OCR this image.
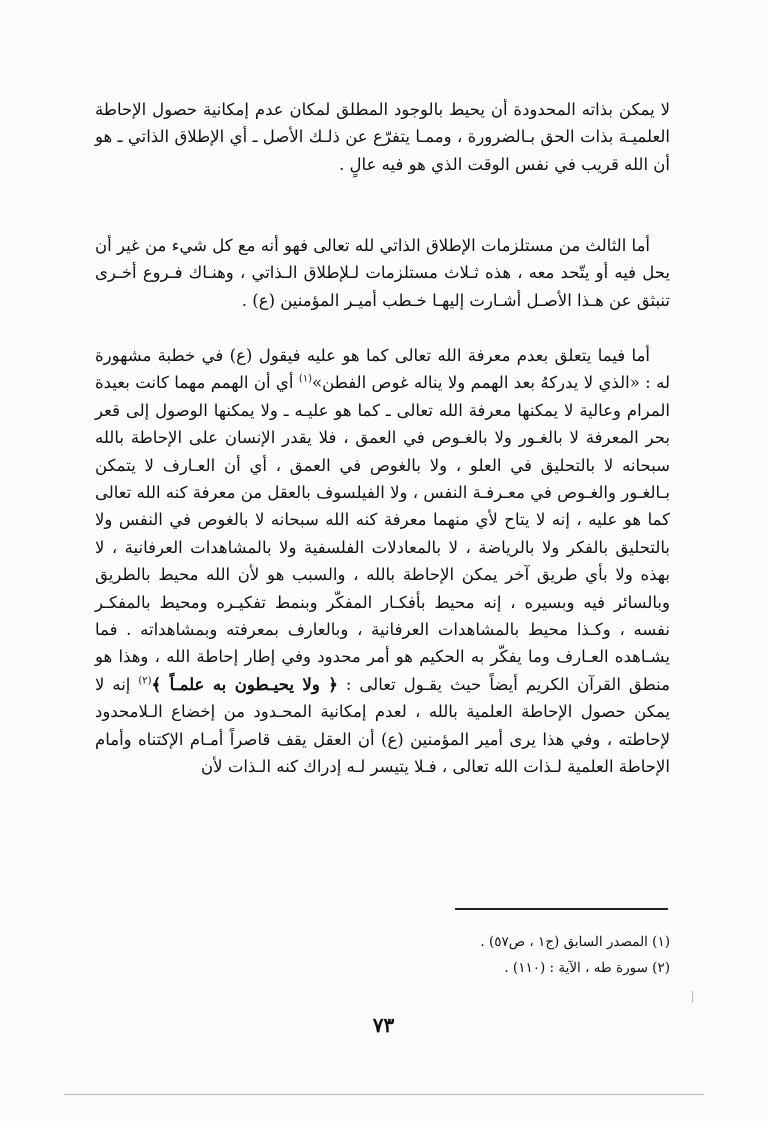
لا يمكن بذاته المحدودة أن يحيط بالوجود المطلق لمكان عدم إمكانية حصول الإحاطة العلميـة بذات الحق بـالضرورة ، وممـا يتفرّع عن ذلـك الأصل ـ أي الإطلاق الذاتي ـ هو أن الله قريب في نفس الوقت الذي هو فيه عالٍ .

أما الثالث من مستلزمات الإطلاق الذاتي لله تعالى فهو أنه مع كل شيء من غير أن يحل فيه أو يتّحد معه ، هذه ثـلاث مستلزمات لـلإطلاق الـذاتي ، وهنـاك فـروع أخـرى تنبثق عن هـذا الأصـل أشـارت إليهـا خـطب أميـر المؤمنين (ع) .

أما فيما يتعلق بعدم معرفة الله تعالى كما هو عليه فيقول (ع) في خطبة مشهورة له : «الذي لا يدركهُ بعد الهمم ولا يناله غوص الفطن»$^{(١)}$ أي أن الهمم مهما كانت بعيدة المرام وعالية لا يمكنها معرفة الله تعالى ـ كما هو عليـه ـ ولا يمكنها الوصول إلى قعر بحر المعرفة لا بالغـور ولا بالغـوص في العمق ، فلا يقدر الإنسان على الإحاطة بالله سبحانه لا بالتحليق في العلو ، ولا بالغوص في العمق ، أي أن العـارف لا يتمكن بـالغـور والغـوص في معـرفـة النفس ، ولا الفيلسوف بالعقل من معرفة كنه الله تعالى كما هو عليه ، إنه لا يتاح لأي منهما معرفة كنه الله سبحانه لا بالغوص في النفس ولا بالتحليق بالفكر ولا بالرياضة ، لا بالمعادلات الفلسفية ولا بالمشاهدات العرفانية ، لا بهذه ولا بأي طريق آخر يمكن الإحاطة بالله ، والسبب هو لأن الله محيط بالطريق وبالسائر فيه وبسيره ، إنه محيط بأفكـار المفكّر وبنمط تفكيـره ومحيط بالمفكـر نفسه ، وكـذا محيط بالمشاهدات العرفانية ، وبالعارف بمعرفته وبمشاهداته . فما يشـاهده العـارف وما يفكّر به الحكيم هو أمر محدود وفي إطار إحاطة الله ، وهذا هو منطق القرآن الكريم أيضاً حيث يقـول تعالى : ﴿ ولا يحيـطون به علمـاً ﴾$^{(٢)}$ إنه لا يمكن حصول الإحاطة العلمية بالله ، لعدم إمكانية المحـدود من إخضاع الـلامحدود لإحاطته ، وفي هذا يرى أمير المؤمنين (ع) أن العقل يقف قاصراً أمـام الإكتناه وأمام الإحاطة العلمية لـذات الله تعالى ، فـلا يتيسر لـه إدراك كنه الـذات لأن

(١) المصدر السابق (ج١ ، ص٥٧) .
(٢) سورة طه ، الآية : (١١٠) .
٧٣
